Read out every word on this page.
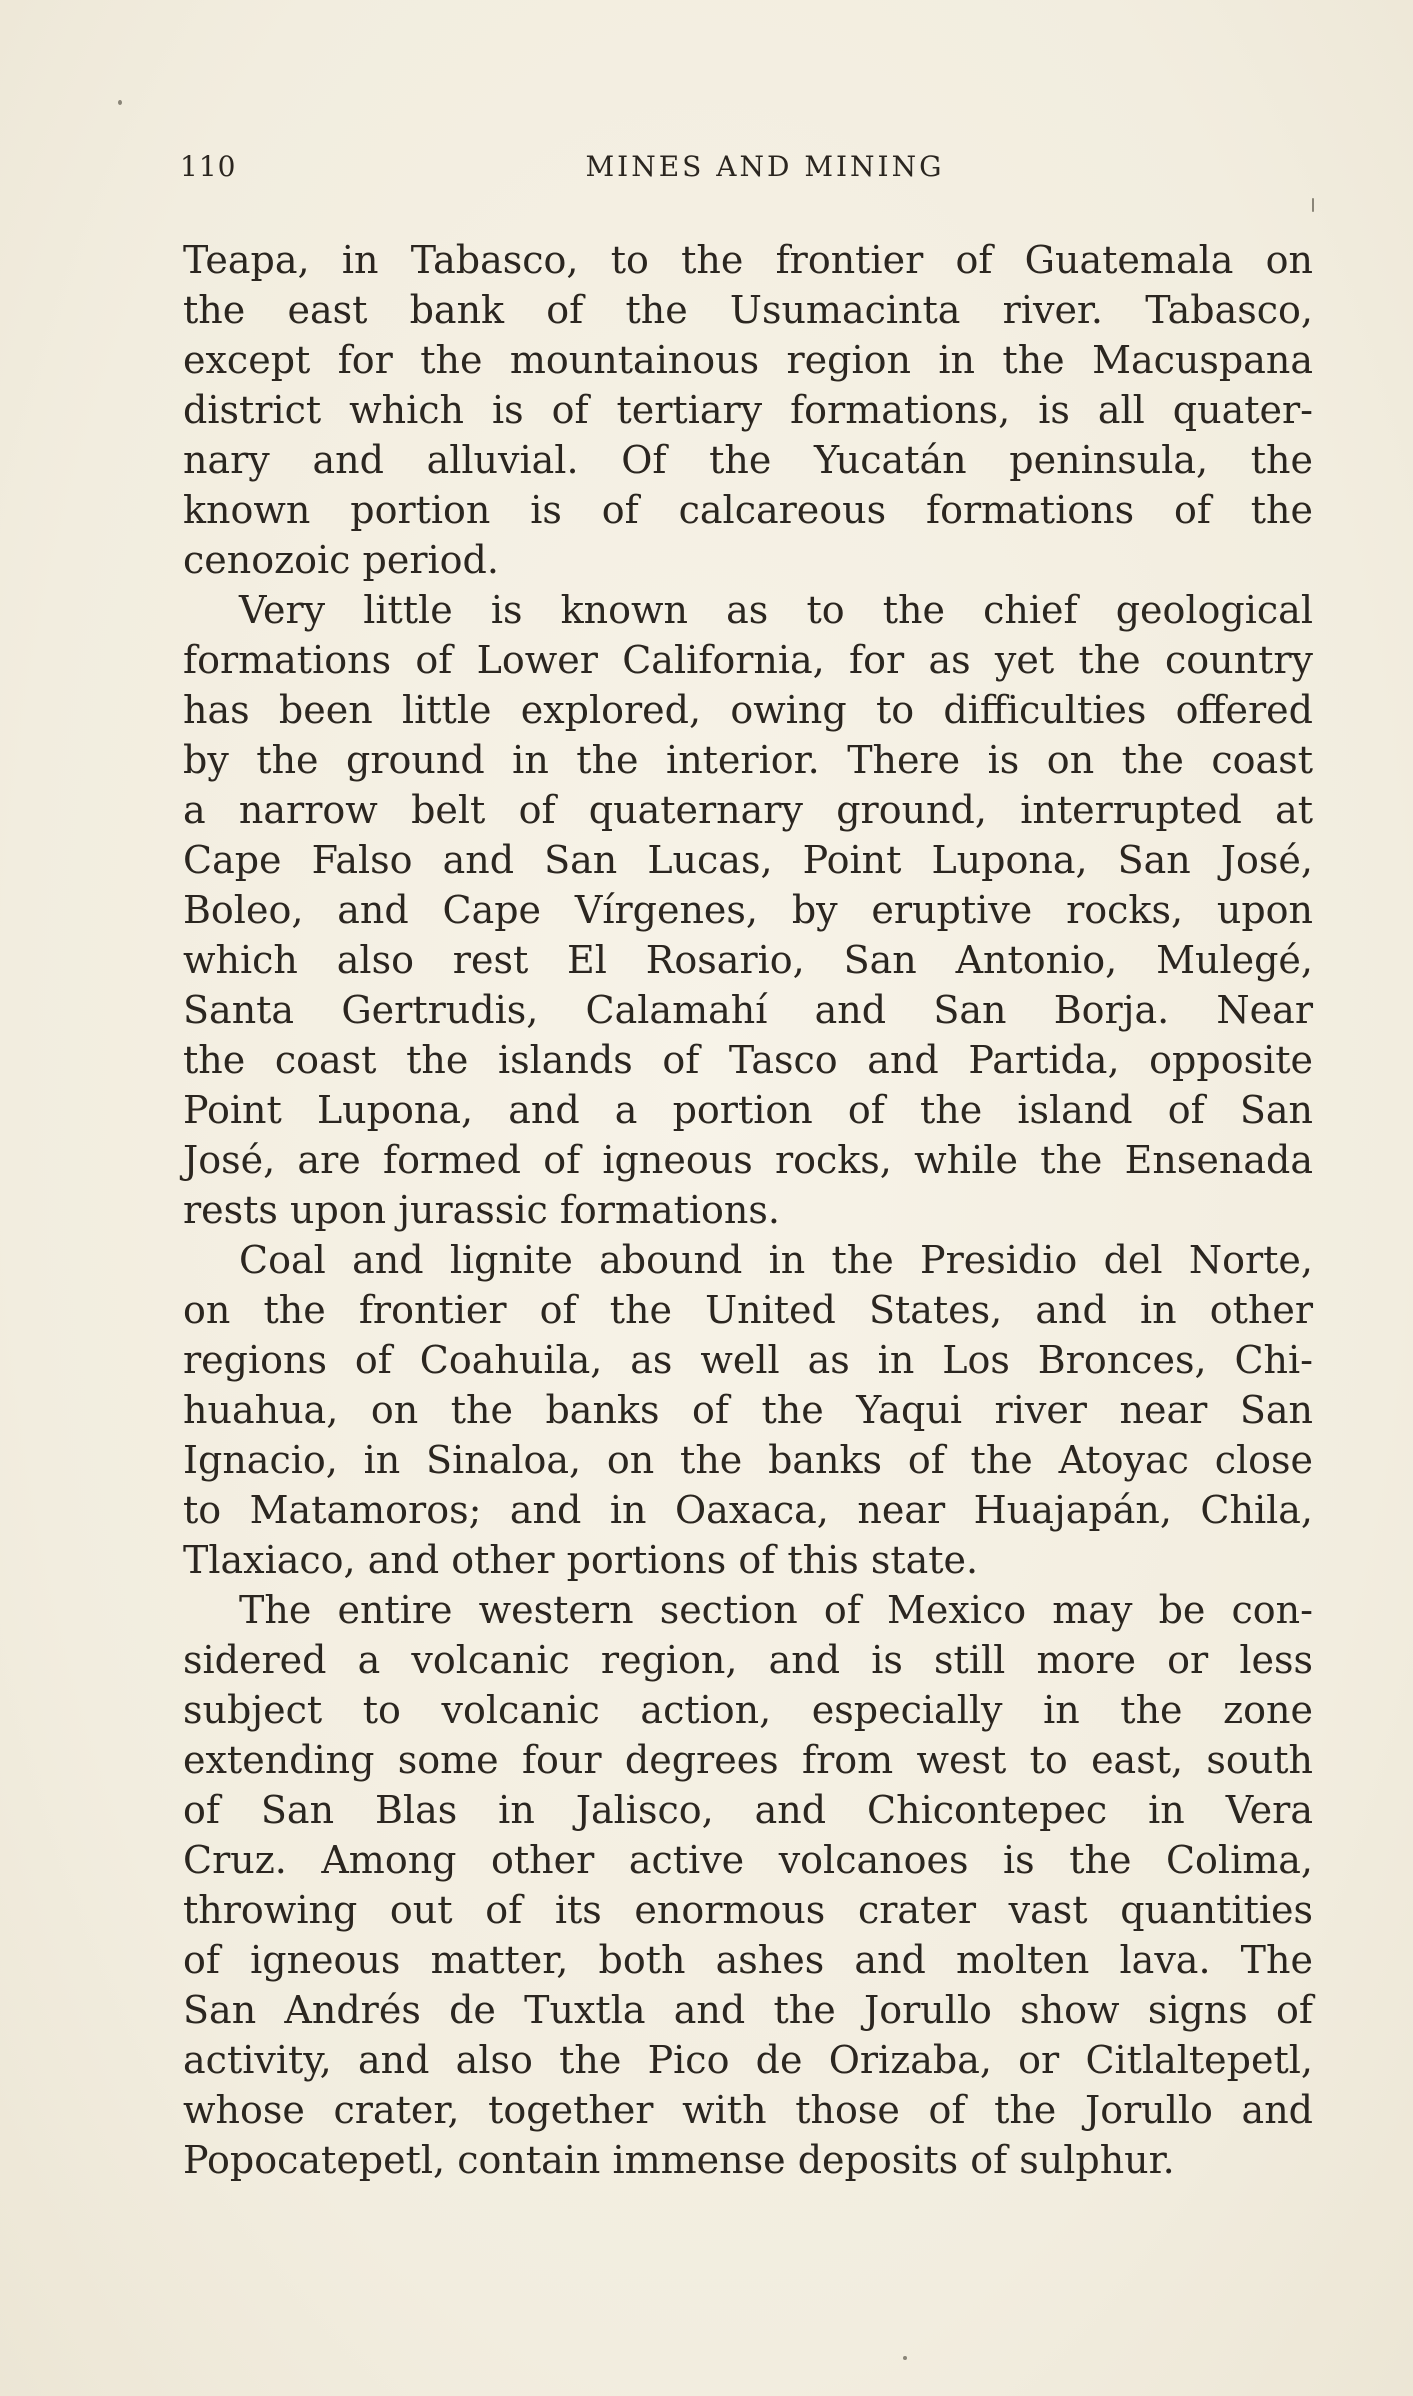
110	MINES AND MINING
Teapa, in Tabasco, to the frontier of Guatemala on
the east bank of the Usumacinta river. Tabasco,
except for the mountainous region in the Macuspana
district which is of tertiary formations, is all quater-
nary and alluvial. Of the Yucatán peninsula, the
known portion is of calcareous formations of the
cenozoic period.
Very little is known as to the chief geological
formations of Lower California, for as yet the country
has been little explored, owing to difficulties offered
by the ground in the interior. There is on the coast
a narrow belt of quaternary ground, interrupted at
Cape Falso and San Lucas, Point Lupona, San José,
Boleo, and Cape Vírgenes, by eruptive rocks, upon
which also rest El Rosario, San Antonio, Mulegé,
Santa Gertrudis, Calamahí and San Borja. Near
the coast the islands of Tasco and Partida, opposite
Point Lupona, and a portion of the island of San
José, are formed of igneous rocks, while the Ensenada
rests upon jurassic formations.
Coal and lignite abound in the Presidio del Norte,
on the frontier of the United States, and in other
regions of Coahuila, as well as in Los Bronces, Chi-
huahua, on the banks of the Yaqui river near San
Ignacio, in Sinaloa, on the banks of the Atoyac close
to Matamoros; and in Oaxaca, near Huajapán, Chila,
Tlaxiaco, and other portions of this state.
The entire western section of Mexico may be con-
sidered a volcanic region, and is still more or less
subject to volcanic action, especially in the zone
extending some four degrees from west to east, south
of San Blas in Jalisco, and Chicontepec in Vera
Cruz. Among other active volcanoes is the Colima,
throwing out of its enormous crater vast quantities
of igneous matter, both ashes and molten lava. The
San Andrés de Tuxtla and the Jorullo show signs of
activity, and also the Pico de Orizaba, or Citlaltepetl,
whose crater, together with those of the Jorullo and
Popocatepetl, contain immense deposits of sulphur.
